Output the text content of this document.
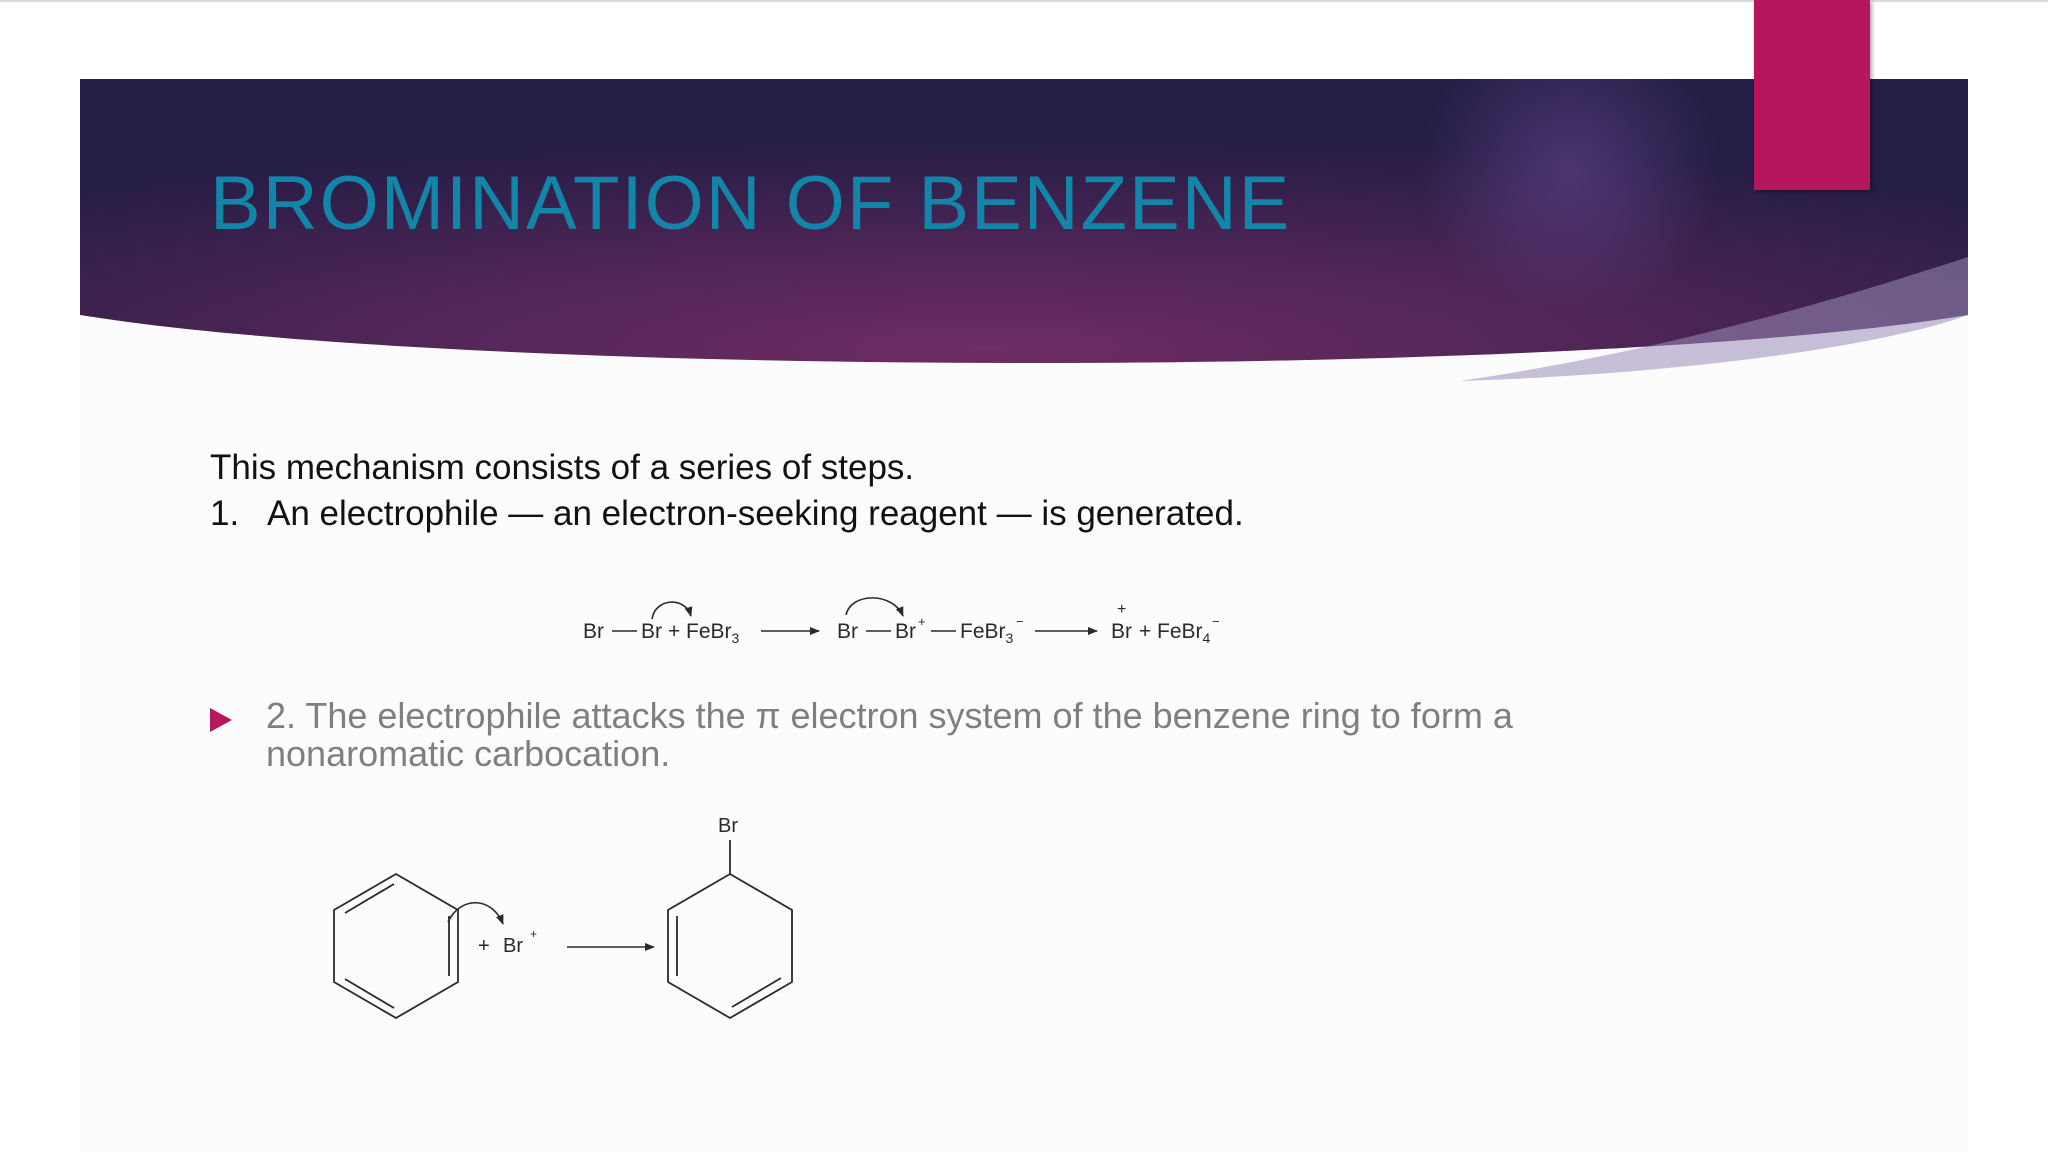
BROMINATION OF BENZENE

This mechanism consists of a series of steps.

1. An electrophile — an electron-seeking reagent — is generated.

Br Br + FeBr$_3$	Br Br + FeBr$_3$
−
+
Br + FeBr$_4$
−

2. The electrophile attacks the π electron system of the benzene ring to form a nonaromatic carbocation.

+ Br
+
Br
